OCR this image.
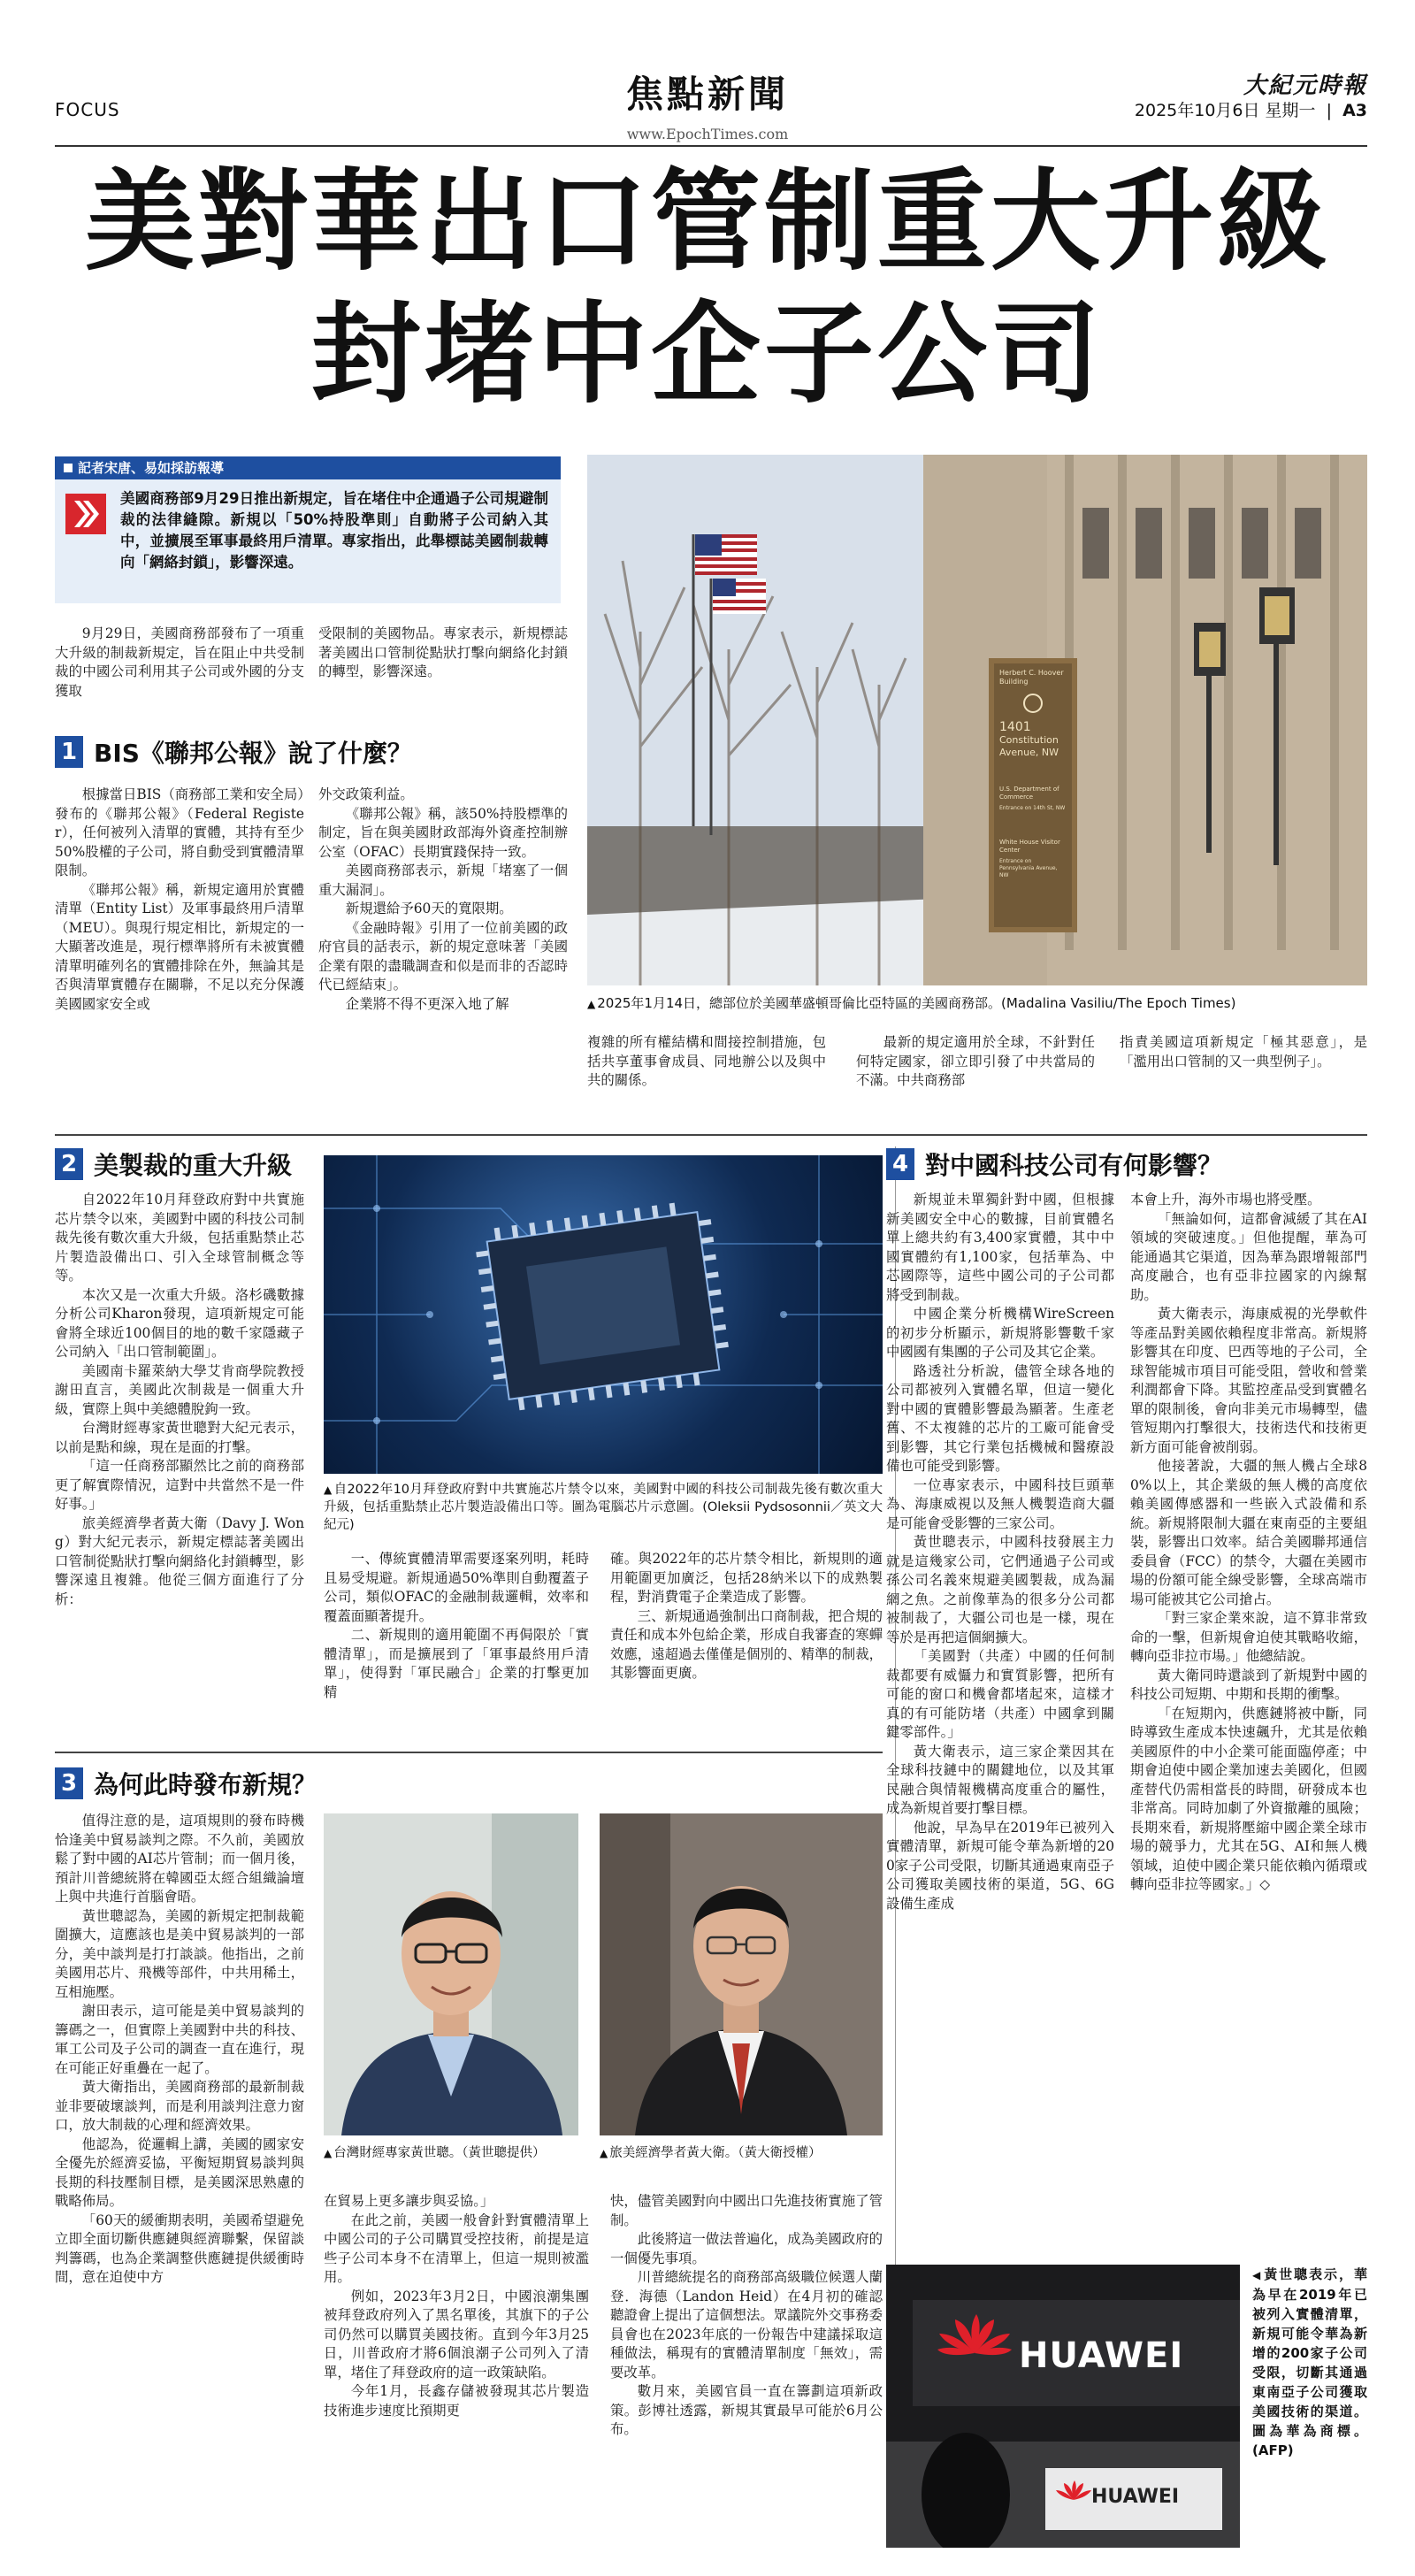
FOCUS	焦點新聞
www.EpochTimes.com
大紀元時報
2025年10月6日 星期一 | A3
美對華出口管制重大升級
封堵中企子公司
記者宋唐、易如採訪報導
美國商務部9月29日推出新規定，旨在堵住中企通過子公司規避制裁的法律縫隙。新規以「50%持股準則」自動將子公司納入其中，並擴展至軍事最終用戶清單。專家指出，此舉標誌美國制裁轉向「網絡封鎖」，影響深遠。

9月29日，美國商務部發布了一項重大升級的制裁新規定，旨在阻止中共受制裁的中國公司利用其子公司或外國的分支獲取

受限制的美國物品。專家表示，新規標誌著美國出口管制從點狀打擊向網絡化封鎖的轉型，影響深遠。

1 BIS《聯邦公報》說了什麼？

根據當日BIS（商務部工業和安全局）發布的《聯邦公報》（Federal Register），任何被列入清單的實體，其持有至少50%股權的子公司，將自動受到實體清單限制。

《聯邦公報》稱，新規定適用於實體清單（Entity List）及軍事最終用戶清單（MEU）。與現行規定相比，新規定的一大顯著改進是，現行標準將所有未被實體清單明確列名的實體排除在外，無論其是否與清單實體存在關聯，不足以充分保護美國國家安全或

外交政策利益。

《聯邦公報》稱，該50%持股標準的制定，旨在與美國財政部海外資產控制辦公室（OFAC）長期實踐保持一致。

美國商務部表示，新規「堵塞了一個重大漏洞」。

新規還給予60天的寬限期。

《金融時報》引用了一位前美國的政府官員的話表示，新的規定意味著「美國企業有限的盡職調查和似是而非的否認時代已經結束」。

企業將不得不更深入地了解

Herbert C. Hoover Building
1401
Constitution
Avenue, NW
U.S. Department of Commerce
Entrance on 14th St, NW
White House Visitor Center
Entrance on Pennsylvania Avenue, NW
▲ 2025年1月14日，總部位於美國華盛頓哥倫比亞特區的美國商務部。(Madalina Vasiliu/The Epoch Times)

複雜的所有權結構和間接控制措施，包括共享董事會成員、同地辦公以及與中共的關係。

最新的規定適用於全球，不針對任何特定國家，卻立即引發了中共當局的不滿。中共商務部

指責美國這項新規定「極其惡意」，是「濫用出口管制的又一典型例子」。

2 美製裁的重大升級

自2022年10月拜登政府對中共實施芯片禁令以來，美國對中國的科技公司制裁先後有數次重大升級，包括重點禁止芯片製造設備出口、引入全球管制概念等等。

本次又是一次重大升級。洛杉磯數據分析公司Kharon發現，這項新規定可能會將全球近100個目的地的數千家隱藏子公司納入「出口管制範圍」。

美國南卡羅萊納大學艾肯商學院教授謝田直言，美國此次制裁是一個重大升級，實際上與中美總體脫鉤一致。

台灣財經專家黃世聰對大紀元表示，以前是點和線，現在是面的打擊。

「這一任商務部顯然比之前的商務部更了解實際情況，這對中共當然不是一件好事。」

旅美經濟學者黃大衛（Davy J. Wong）對大紀元表示，新規定標誌著美國出口管制從點狀打擊向網絡化封鎖轉型，影響深遠且複雜。他從三個方面進行了分析：

▲ 自2022年10月拜登政府對中共實施芯片禁令以來，美國對中國的科技公司制裁先後有數次重大升級，包括重點禁止芯片製造設備出口等。圖為電腦芯片示意圖。(Oleksii Pydsosonnii／英文大紀元)

一、傳統實體清單需要逐案列明，耗時且易受規避。新規通過50%準則自動覆蓋子公司，類似OFAC的金融制裁邏輯，效率和覆蓋面顯著提升。

二、新規則的適用範圍不再侷限於「實體清單」，而是擴展到了「軍事最終用戶清單」，使得對「軍民融合」企業的打擊更加精

確。與2022年的芯片禁令相比，新規則的適用範圍更加廣泛，包括28納米以下的成熟製程，對消費電子企業造成了影響。

三、新規通過強制出口商制裁，把合規的責任和成本外包給企業，形成自我審查的寒蟬效應，遠超過去僅僅是個別的、精準的制裁，其影響面更廣。

3 為何此時發布新規？

值得注意的是，這項規則的發布時機恰逢美中貿易談判之際。不久前，美國放鬆了對中國的AI芯片管制；而一個月後，預計川普總統將在韓國亞太經合組織論壇上與中共進行首腦會晤。

黃世聰認為，美國的新規定把制裁範圍擴大，這應該也是美中貿易談判的一部分，美中談判是打打談談。他指出，之前美國用芯片、飛機等部件，中共用稀土，互相施壓。

謝田表示，這可能是美中貿易談判的籌碼之一，但實際上美國對中共的科技、軍工公司及子公司的調查一直在進行，現在可能正好重疊在一起了。

黃大衛指出，美國商務部的最新制裁並非要破壞談判，而是利用談判注意力窗口，放大制裁的心理和經濟效果。

他認為，從邏輯上講，美國的國家安全優先於經濟妥協，平衡短期貿易談判與長期的科技壓制目標，是美國深思熟慮的戰略佈局。

「60天的緩衝期表明，美國希望避免立即全面切斷供應鏈與經濟聯繫，保留談判籌碼，也為企業調整供應鏈提供緩衝時間，意在迫使中方

▲ 台灣財經專家黃世聰。（黃世聰提供）	▲ 旅美經濟學者黃大衛。（黃大衛授權）

在貿易上更多讓步與妥協。」

在此之前，美國一般會針對實體清單上中國公司的子公司購買受控技術，前提是這些子公司本身不在清單上，但這一規則被濫用。

例如，2023年3月2日，中國浪潮集團被拜登政府列入了黑名單後，其旗下的子公司仍然可以購買美國技術。直到今年3月25日，川普政府才將6個浪潮子公司列入了清單，堵住了拜登政府的這一政策缺陷。

今年1月，長鑫存儲被發現其芯片製造技術進步速度比預期更

快，儘管美國對向中國出口先進技術實施了管制。

此後將這一做法普遍化，成為美國政府的一個優先事項。

川普總統提名的商務部高級職位候選人蘭登．海德（Landon Heid）在4月初的確認聽證會上提出了這個想法。眾議院外交事務委員會也在2023年底的一份報告中建議採取這種做法，稱現有的實體清單制度「無效」，需要改革。

數月來，美國官員一直在籌劃這項新政策。彭博社透露，新規其實最早可能於6月公布。

4 對中國科技公司有何影響？

新規並未單獨針對中國，但根據新美國安全中心的數據，目前實體名單上總共約有3,400家實體，其中中國實體約有1,100家，包括華為、中芯國際等，這些中國公司的子公司都將受到制裁。

中國企業分析機構WireScreen的初步分析顯示，新規將影響數千家中國國有集團的子公司及其它企業。

路透社分析說，儘管全球各地的公司都被列入實體名單，但這一變化對中國的實體影響最為顯著。生產老舊、不太複雜的芯片的工廠可能會受到影響，其它行業包括機械和醫療設備也可能受到影響。

一位專家表示，中國科技巨頭華為、海康威視以及無人機製造商大疆是可能會受影響的三家公司。

黃世聰表示，中國科技發展主力就是這幾家公司，它們通過子公司或孫公司名義來規避美國製裁，成為漏網之魚。之前像華為的很多分公司都被制裁了，大疆公司也是一樣，現在等於是再把這個網擴大。

「美國對（共產）中國的任何制裁都要有威懾力和實質影響，把所有可能的窗口和機會都堵起來，這樣才真的有可能防堵（共產）中國拿到關鍵零部件。」

黃大衛表示，這三家企業因其在全球科技鏈中的關鍵地位，以及其軍民融合與情報機構高度重合的屬性，成為新規首要打擊目標。

他說，早為早在2019年已被列入實體清單，新規可能令華為新增的200家子公司受限，切斷其通過東南亞子公司獲取美國技術的渠道，5G、6G設備生產成

本會上升，海外市場也將受壓。

「無論如何，這都會減緩了其在AI領域的突破速度。」但他提醒，華為可能通過其它渠道，因為華為跟增報部門高度融合，也有亞非拉國家的內線幫助。

黃大衛表示，海康威視的光學軟件等產品對美國依賴程度非常高。新規將影響其在印度、巴西等地的子公司，全球智能城市項目可能受阻，營收和營業利潤都會下降。其監控產品受到實體名單的限制後，會向非美元市場轉型，儘管短期內打擊很大，技術迭代和技術更新方面可能會被削弱。

他接著說，大疆的無人機占全球80%以上，其企業級的無人機的高度依賴美國傳感器和一些嵌入式設備和系統。新規將限制大疆在東南亞的主要組裝，影響出口效率。結合美國聯邦通信委員會（FCC）的禁令，大疆在美國市場的份額可能全線受影響，全球高端市場可能被其它公司搶占。

「對三家企業來說，這不算非常致命的一擊，但新規會迫使其戰略收縮，轉向亞非拉市場。」他總結說。

黃大衛同時還談到了新規對中國的科技公司短期、中期和長期的衝擊。

「在短期內，供應鏈將被中斷，同時導致生產成本快速飆升，尤其是依賴美國原件的中小企業可能面臨停產；中期會迫使中國企業加速去美國化，但國產替代仍需相當長的時間，研發成本也非常高。同時加劇了外資撤離的風險；長期來看，新規將壓縮中國企業全球市場的競爭力，尤其在5G、AI和無人機領域，迫使中國企業只能依賴內循環或轉向亞非拉等國家。」◇

HUAWEI
HUAWEI
◀ 黃世聰表示，華為早在2019年已被列入實體清單，新規可能令華為新增的200家子公司受限，切斷其通過東南亞子公司獲取美國技術的渠道。圖為華為商標。(AFP)
